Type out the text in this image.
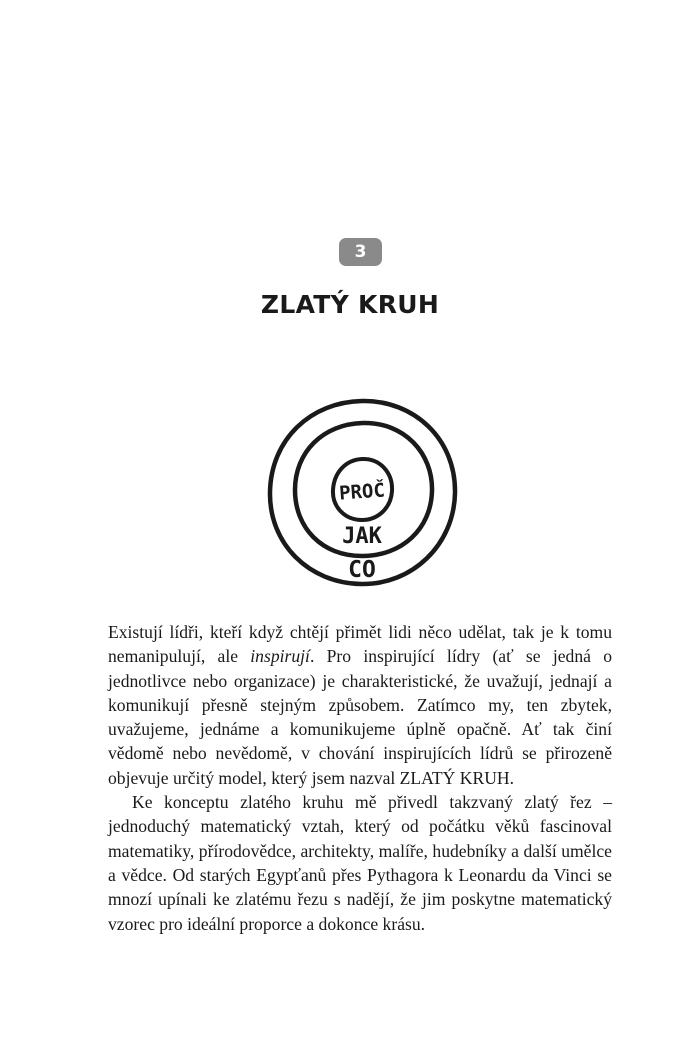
3
ZLATÝ KRUH
PROČ
JAK
CO

Existují lídři, kteří když chtějí přimět lidi něco udělat, tak je k tomu nemanipulují, ale inspirují. Pro inspirující lídry (ať se jedná o jednotlivce nebo organizace) je charakteristické, že uvažují, jednají a komunikují přesně stejným způsobem. Zatímco my, ten zbytek, uvažujeme, jednáme a komunikujeme úplně opačně. Ať tak činí vědomě nebo nevědomě, v chování inspirujících lídrů se přirozeně objevuje určitý model, který jsem nazval ZLATÝ KRUH.

Ke konceptu zlatého kruhu mě přivedl takzvaný zlatý řez – jednoduchý matematický vztah, který od počátku věků fascinoval matematiky, přírodovědce, architekty, malíře, hudebníky a další umělce a vědce. Od starých Egypťanů přes Pythagora k Leonardu da Vinci se mnozí upínali ke zlatému řezu s nadějí, že jim poskytne matematický vzorec pro ideální proporce a dokonce krásu.
